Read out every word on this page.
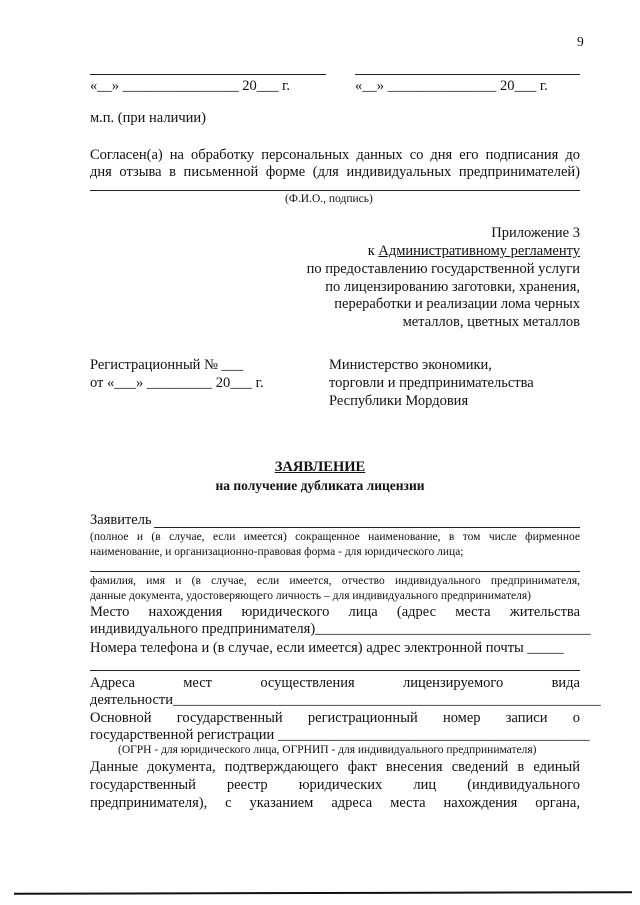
9
«__» ________________ 20___ г.	«__» _______________ 20___ г.
м.п. (при наличии)
Согласен(а) на обработку персональных данных со дня его подписания до
дня отзыва в письменной форме (для индивидуальных предпринимателей)
(Ф.И.О., подпись)
Приложение 3
к Административному регламенту
по предоставлению государственной услуги
по лицензированию заготовки, хранения,
переработки и реализации лома черных
металлов, цветных металлов
Регистрационный № ___
от «___» _________ 20___ г.
Министерство экономики,
торговли и предпринимательства
Республики Мордовия
ЗАЯВЛЕНИЕ
на получение дубликата лицензии
Заявитель
(полное и (в случае, если имеется) сокращенное наименование, в том числе фирменное
наименование, и организационно-правовая форма - для юридического лица;
фамилия, имя и (в случае, если имеется, отчество индивидуального предпринимателя,
данные документа, удостоверяющего личность – для индивидуального предпринимателя)
Место нахождения юридического лица (адрес места жительства
индивидуального предпринимателя)______________________________________
Номера телефона и (в случае, если имеется) адрес электронной почты _____
Адреса мест осуществления лицензируемого вида
деятельности___________________________________________________________
Основной государственный регистрационный номер записи о
государственной регистрации ___________________________________________
(ОГРН - для юридического лица, ОГРНИП - для индивидуального предпринимателя)
Данные документа, подтверждающего факт внесения сведений в единый
государственный реестр юридических лиц (индивидуального
предпринимателя), с указанием адреса места нахождения органа,
